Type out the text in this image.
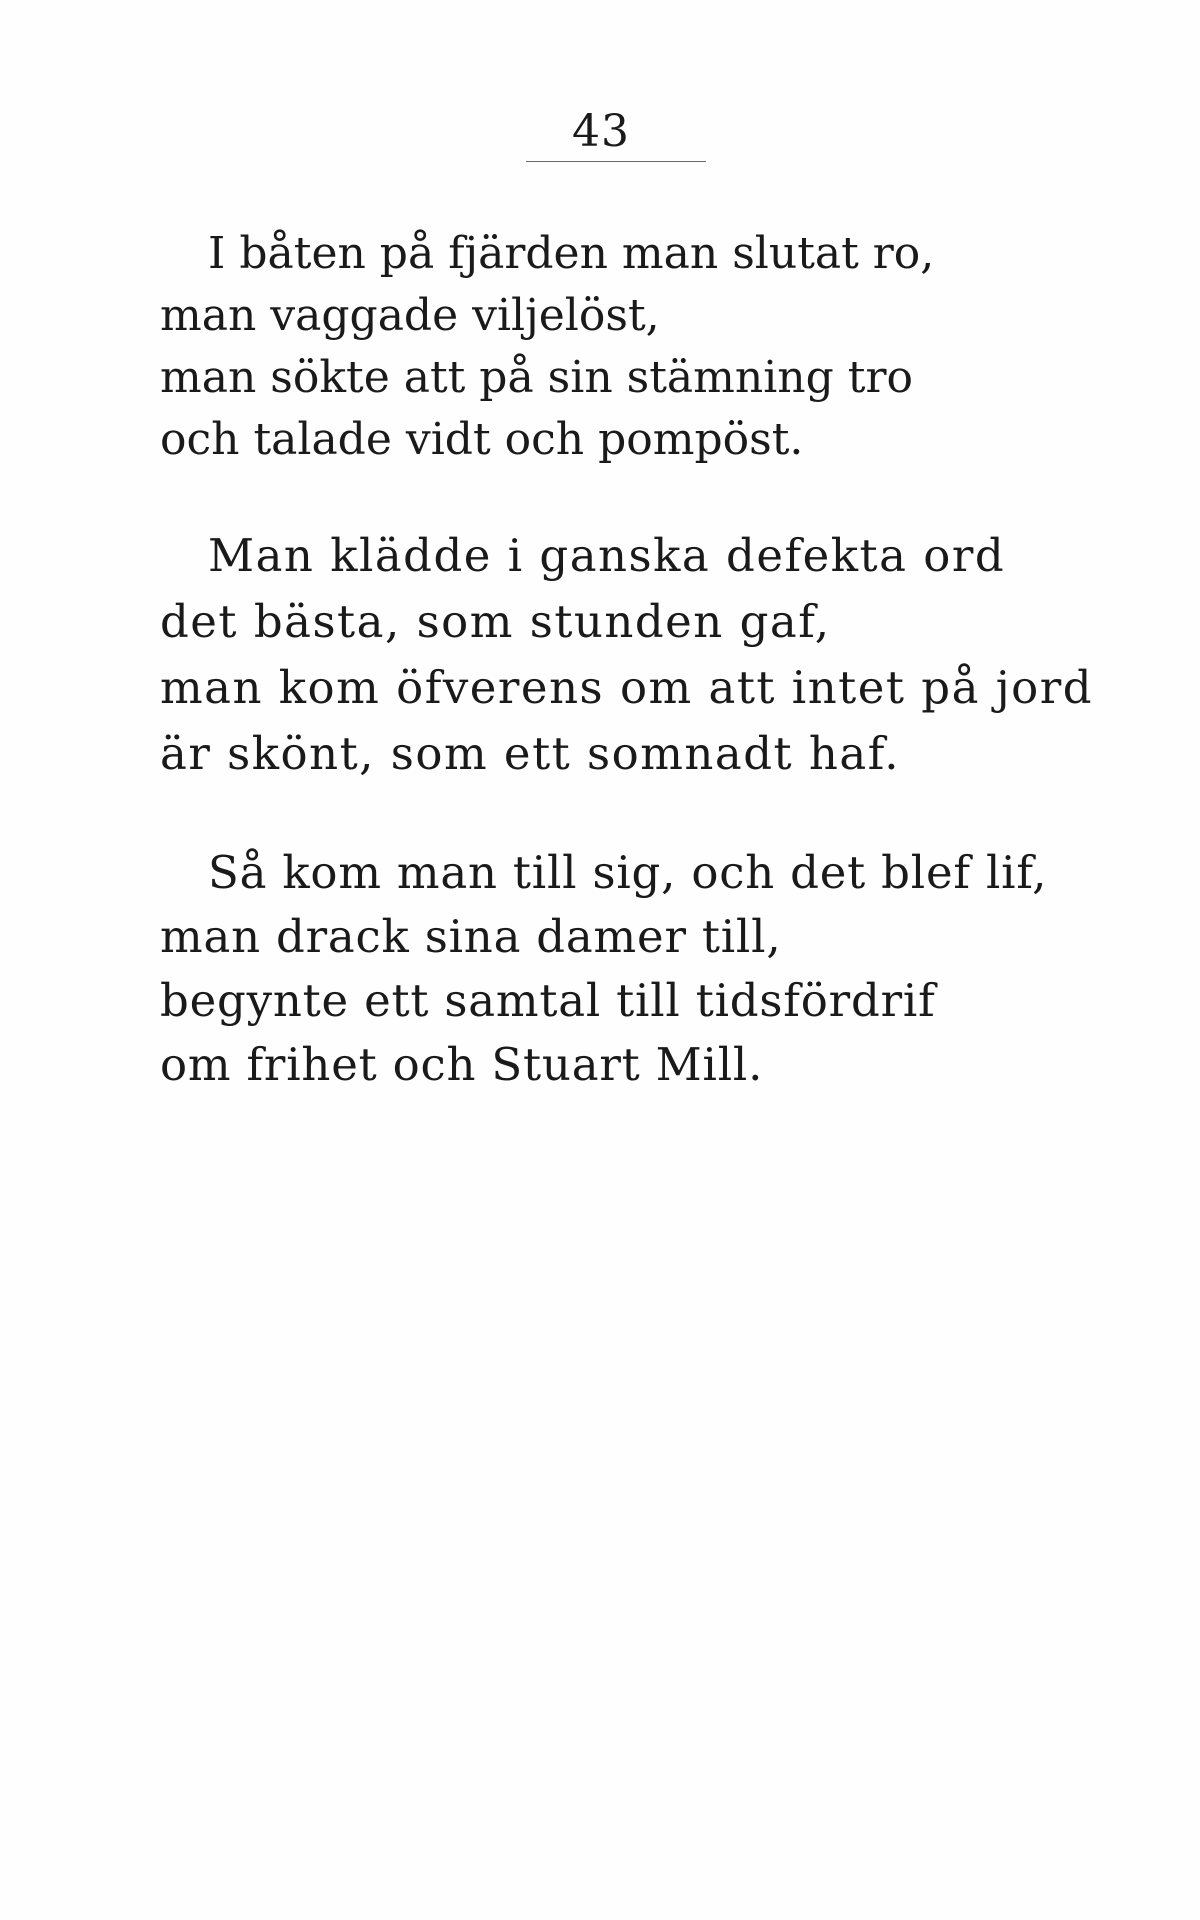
43
I båten på fjärden man slutat ro,
man vaggade viljelöst,
man sökte att på sin stämning tro
och talade vidt och pompöst.
Man klädde i ganska defekta ord
det bästa, som stunden gaf,
man kom öfverens om att intet på jord
är skönt, som ett somnadt haf.
Så kom man till sig, och det blef lif,
man drack sina damer till,
begynte ett samtal till tidsfördrif
om frihet och Stuart Mill.
